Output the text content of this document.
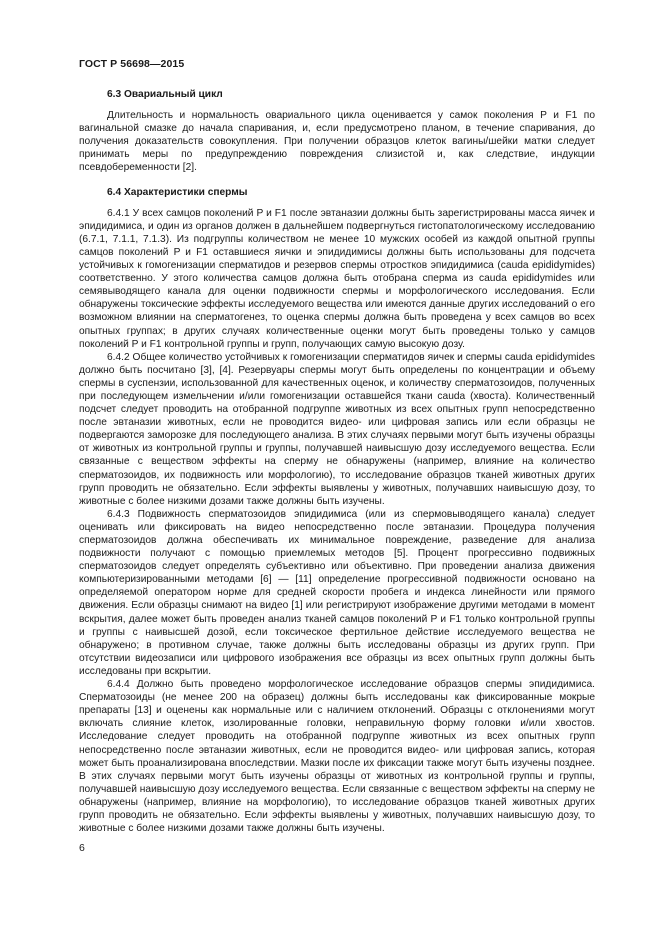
ГОСТ Р 56698—2015
6.3 Овариальный цикл

Длительность и нормальность овариального цикла оценивается у самок поколения P и F1 по вагинальной смазке до начала спаривания, и, если предусмотрено планом, в течение спаривания, до получения доказательств совокупления. При получении образцов клеток вагины/шейки матки следует принимать меры по предупреждению повреждения слизистой и, как следствие, индукции псевдобеременности [2].

6.4 Характеристики спермы

6.4.1 У всех самцов поколений P и F1 после эвтаназии должны быть зарегистрированы масса яичек и эпидидимиса, и один из органов должен в дальнейшем подвергнуться гистопатологическому исследованию (6.7.1, 7.1.1, 7.1.3). Из подгруппы количеством не менее 10 мужских особей из каждой опытной группы самцов поколений P и F1 оставшиеся яички и эпидидимисы должны быть использованы для подсчета устойчивых к гомогенизации сперматидов и резервов спермы отростков эпидидимиса (cauda epididymides) соответственно. У этого количества самцов должна быть отобрана сперма из cauda epididymides или семявыводящего канала для оценки подвижности спермы и морфологического исследования. Если обнаружены токсические эффекты исследуемого вещества или имеются данные других исследований о его возможном влиянии на сперматогенез, то оценка спермы должна быть проведена у всех самцов во всех опытных группах; в других случаях количественные оценки могут быть проведены только у самцов поколений P и F1 контрольной группы и групп, получающих самую высокую дозу.

6.4.2 Общее количество устойчивых к гомогенизации сперматидов яичек и спермы cauda epididymides должно быть посчитано [3], [4]. Резервуары спермы могут быть определены по концентрации и объему спермы в суспензии, использованной для качественных оценок, и количеству сперматозоидов, полученных при последующем измельчении и/или гомогенизации оставшейся ткани cauda (хвоста). Количественный подсчет следует проводить на отобранной подгруппе животных из всех опытных групп непосредственно после эвтаназии животных, если не проводится видео- или цифровая запись или если образцы не подвергаются заморозке для последующего анализа. В этих случаях первыми могут быть изучены образцы от животных из контрольной группы и группы, получавшей наивысшую дозу исследуемого вещества. Если связанные с веществом эффекты на сперму не обнаружены (например, влияние на количество сперматозоидов, их подвижность или морфологию), то исследование образцов тканей животных других групп проводить не обязательно. Если эффекты выявлены у животных, получавших наивысшую дозу, то животные с более низкими дозами также должны быть изучены.

6.4.3 Подвижность сперматозоидов эпидидимиса (или из спермовыводящего канала) следует оценивать или фиксировать на видео непосредственно после эвтаназии. Процедура получения сперматозоидов должна обеспечивать их минимальное повреждение, разведение для анализа подвижности получают с помощью приемлемых методов [5]. Процент прогрессивно подвижных сперматозоидов следует определять субъективно или объективно. При проведении анализа движения компьютеризированными методами [6] — [11] определение прогрессивной подвижности основано на определяемой оператором норме для средней скорости пробега и индекса линейности или прямого движения. Если образцы снимают на видео [1] или регистрируют изображение другими методами в момент вскрытия, далее может быть проведен анализ тканей самцов поколений P и F1 только контрольной группы и группы с наивысшей дозой, если токсическое фертильное действие исследуемого вещества не обнаружено; в противном случае, также должны быть исследованы образцы из других групп. При отсутствии видеозаписи или цифрового изображения все образцы из всех опытных групп должны быть исследованы при вскрытии.

6.4.4 Должно быть проведено морфологическое исследование образцов спермы эпидидимиса. Сперматозоиды (не менее 200 на образец) должны быть исследованы как фиксированные мокрые препараты [13] и оценены как нормальные или с наличием отклонений. Образцы с отклонениями могут включать слияние клеток, изолированные головки, неправильную форму головки и/или хвостов. Исследование следует проводить на отобранной подгруппе животных из всех опытных групп непосредственно после эвтаназии животных, если не проводится видео- или цифровая запись, которая может быть проанализирована впоследствии. Мазки после их фиксации также могут быть изучены позднее. В этих случаях первыми могут быть изучены образцы от животных из контрольной группы и группы, получавшей наивысшую дозу исследуемого вещества. Если связанные с веществом эффекты на сперму не обнаружены (например, влияние на морфологию), то исследование образцов тканей животных других групп проводить не обязательно. Если эффекты выявлены у животных, получавших наивысшую дозу, то животные с более низкими дозами также должны быть изучены.

6
